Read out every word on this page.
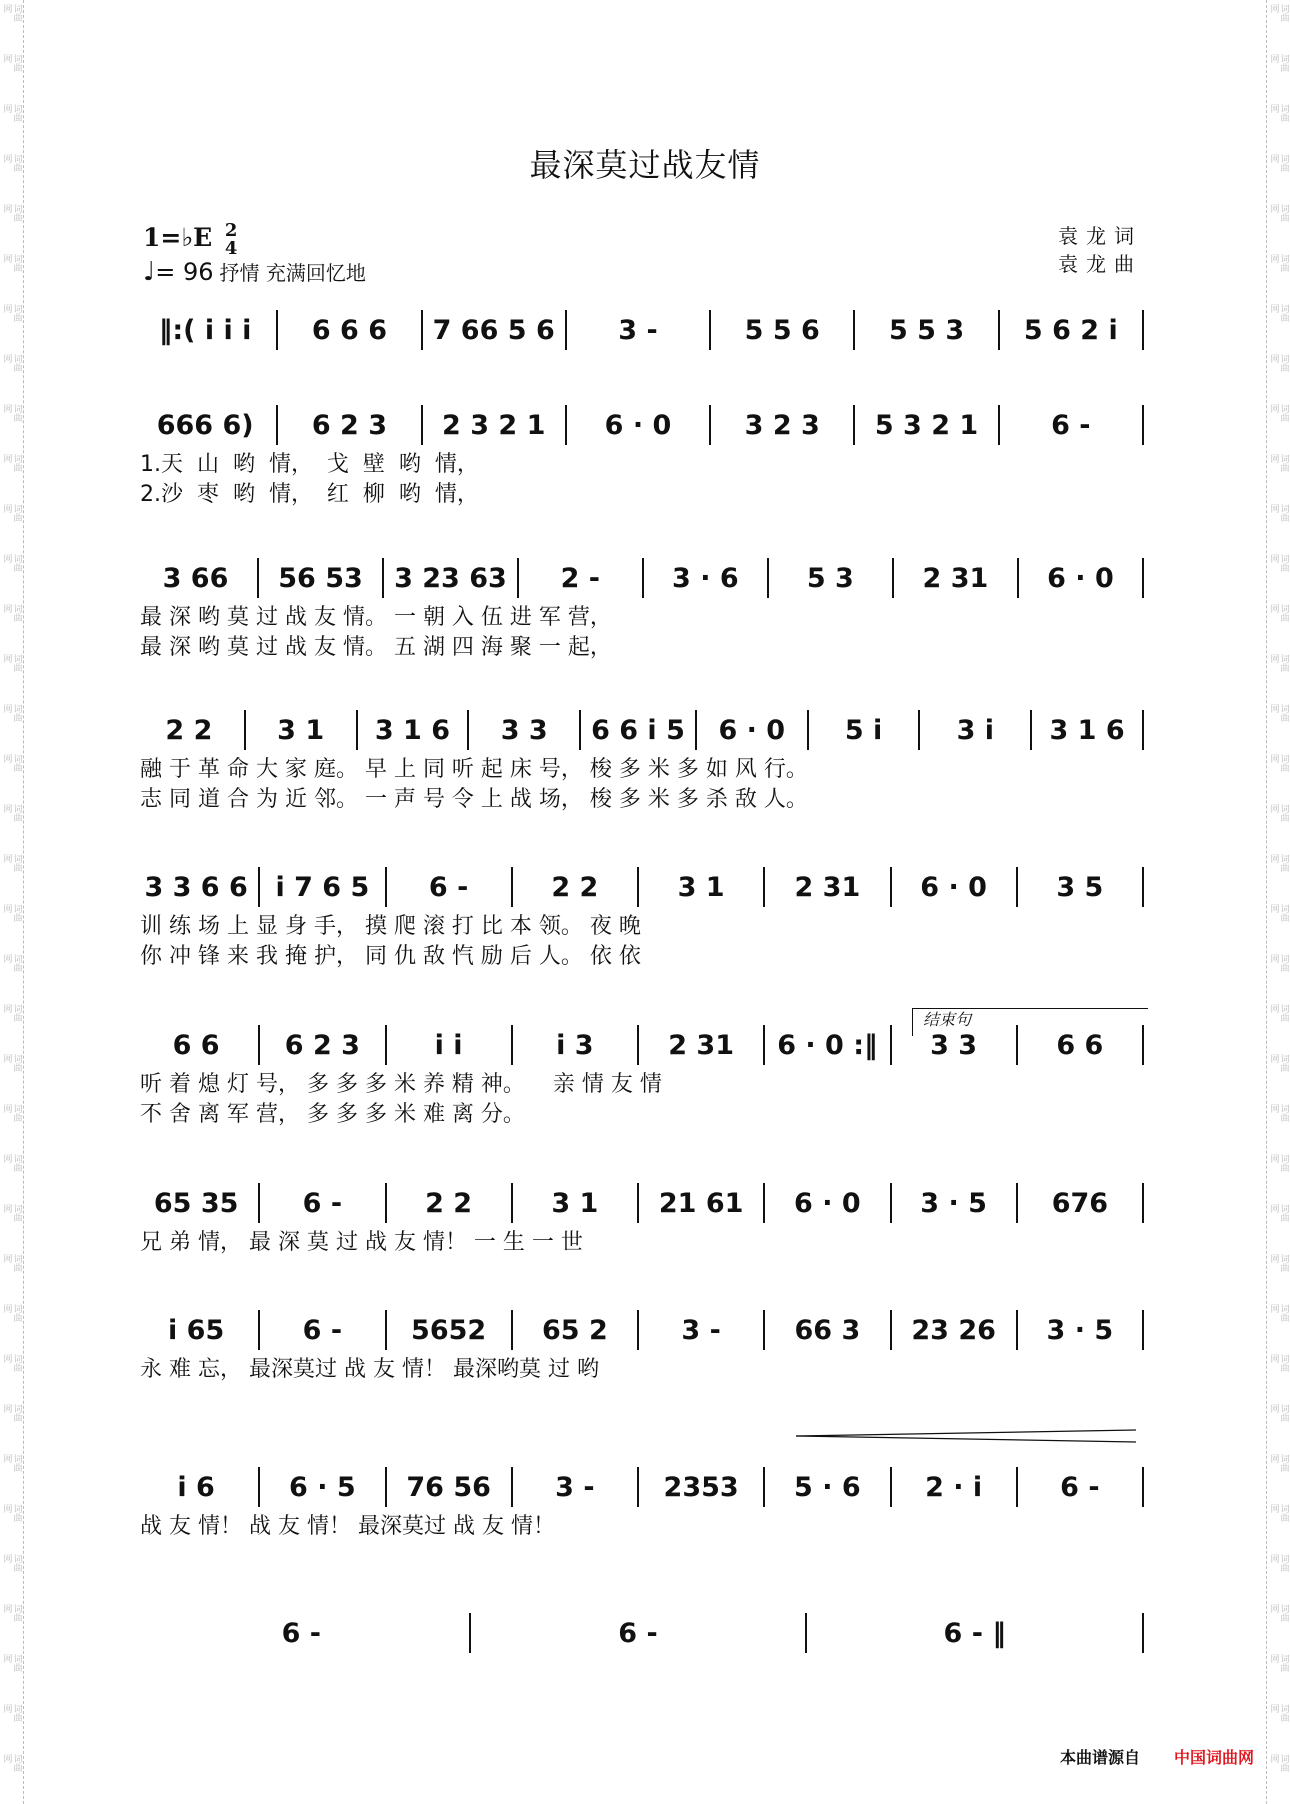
词曲网
词曲网
词曲网
词曲网
词曲网
词曲网
词曲网
词曲网
词曲网
词曲网
词曲网
词曲网
词曲网
词曲网
词曲网
词曲网
词曲网
词曲网
词曲网
词曲网
词曲网
词曲网
词曲网
词曲网
词曲网
词曲网
词曲网
词曲网
词曲网
词曲网
词曲网
词曲网
词曲网
词曲网
词曲网
词曲网
词曲网
词曲网
词曲网
词曲网
词曲网
词曲网
词曲网
词曲网
词曲网
词曲网
词曲网
词曲网
词曲网
词曲网
词曲网
词曲网
词曲网
词曲网
词曲网
词曲网
词曲网
词曲网
词曲网
词曲网
词曲网
词曲网
词曲网
词曲网
词曲网
词曲网
词曲网
词曲网
词曲网
词曲网
词曲网
词曲网
最深莫过战友情
1=♭E 2
4
♩= 96 抒情 充满回忆地
袁龙词
袁龙曲
‖:( i i i	6 6 6	7 66 5 6	3 -	5 5 6	5 5 3	5 6 2 i
666 6)	6 2 3	2 3 2 1	6 · 0	3 2 3	5 3 2 1	6 -
1.天  山  哟  情，  戈  壁  哟  情，
2.沙  枣  哟  情，  红  柳  哟  情，
3 66	56 53	3 23 63	2 -	3 · 6	5 3	2 31	6 · 0
最 深 哟 莫 过 战 友 情。 一 朝 入 伍 进 军 营，
最 深 哟 莫 过 战 友 情。 五 湖 四 海 聚 一 起，
2 2	3 1	3 1 6	3 3	6 6 i 5	6 · 0	5 i	3 i	3 1 6
融 于 革 命 大 家 庭。 早 上 同 听 起 床 号， 梭 多 米 多 如 风 行。
志 同 道 合 为 近 邻。 一 声 号 令 上 战 场， 梭 多 米 多 杀 敌 人。
3 3 6 6	i 7 6 5	6 -	2 2	3 1	2 31	6 · 0	3 5
训 练 场 上 显 身 手， 摸 爬 滚 打 比 本 领。 夜 晚
你 冲 锋 来 我 掩 护， 同 仇 敌 忾 励 后 人。 依 依
6 6	6 2 3	i i	i 3	2 31	6 · 0 :‖	3 3	6 6
听 着 熄 灯 号， 多 多 多 米 养 精 神。    亲 情 友 情
不 舍 离 军 营， 多 多 多 米 难 离 分。
65 35	6 -	2 2	3 1	21 61	6 · 0	3 · 5	676
兄 弟 情， 最 深 莫 过 战 友 情！ 一 生 一 世
i 65	6 -	5652	65 2	3 -	66 3	23 26	3 · 5
永 难 忘， 最深莫过 战 友 情！ 最深哟莫 过 哟
i 6	6 · 5	76 56	3 -	2353	5 · 6	2 · i	6 -
战 友 情！ 战 友 情！ 最深莫过 战 友 情！
6 -	6 -	6 - ‖
结束句
本曲谱源自 中国词曲网
